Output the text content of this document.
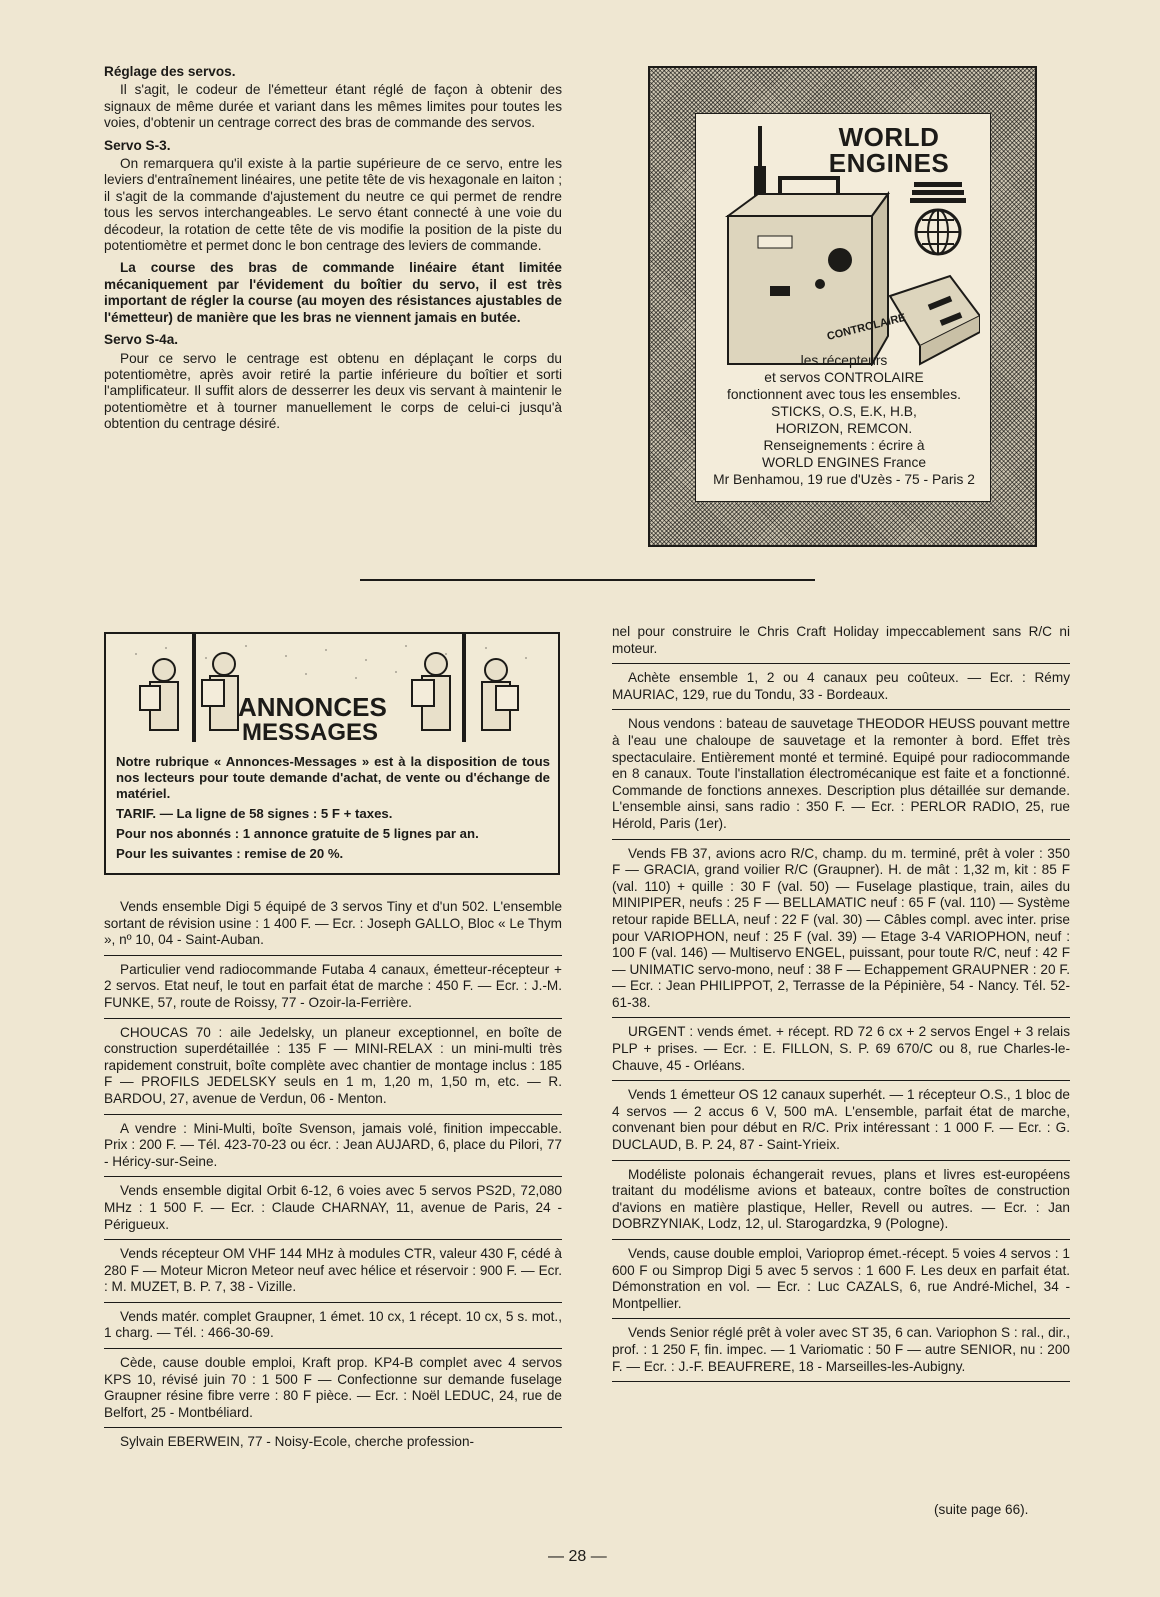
Réglage des servos.

Il s'agit, le codeur de l'émetteur étant réglé de façon à obtenir des signaux de même durée et variant dans les mêmes limites pour toutes les voies, d'obtenir un centrage correct des bras de commande des servos.

Servo S-3.

On remarquera qu'il existe à la partie supérieure de ce servo, entre les leviers d'entraînement linéaires, une petite tête de vis hexagonale en laiton ; il s'agit de la commande d'ajustement du neutre ce qui permet de rendre tous les servos interchangeables. Le servo étant connecté à une voie du décodeur, la rotation de cette tête de vis modifie la position de la piste du potentiomètre et permet donc le bon centrage des leviers de commande.

La course des bras de commande linéaire étant limitée mécaniquement par l'évidement du boîtier du servo, il est très important de régler la course (au moyen des résistances ajustables de l'émetteur) de manière que les bras ne viennent jamais en butée.

Servo S-4a.

Pour ce servo le centrage est obtenu en déplaçant le corps du potentiomètre, après avoir retiré la partie inférieure du boîtier et sorti l'amplificateur. Il suffit alors de desserrer les deux vis servant à maintenir le potentiomètre et à tourner manuellement le corps de celui-ci jusqu'à obtention du centrage désiré.

CONTROLAIRE
WORLD
ENGINES
les récepteurs
et servos CONTROLAIRE
fonctionnent avec tous les ensembles.
STICKS, O.S, E.K, H.B,
HORIZON, REMCON.
Renseignements : écrire à
WORLD ENGINES France
Mr Benhamou, 19 rue d'Uzès - 75 - Paris 2
ANNONCES
MESSAGES

Notre rubrique « Annonces-Messages » est à la disposition de tous nos lecteurs pour toute demande d'achat, de vente ou d'échange de matériel.

TARIF. — La ligne de 58 signes : 5 F + taxes.

Pour nos abonnés : 1 annonce gratuite de 5 lignes par an.

Pour les suivantes : remise de 20 %.

Vends ensemble Digi 5 équipé de 3 servos Tiny et d'un 502. L'ensemble sortant de révision usine : 1 400 F. — Ecr. : Joseph GALLO, Bloc « Le Thym », nº 10, 04 - Saint-Auban.
Particulier vend radiocommande Futaba 4 canaux, émetteur-récepteur + 2 servos. Etat neuf, le tout en parfait état de marche : 450 F. — Ecr. : J.-M. FUNKE, 57, route de Roissy, 77 - Ozoir-la-Ferrière.
CHOUCAS 70 : aile Jedelsky, un planeur exceptionnel, en boîte de construction superdétaillée : 135 F — MINI-RELAX : un mini-multi très rapidement construit, boîte complète avec chantier de montage inclus : 185 F — PROFILS JEDELSKY seuls en 1 m, 1,20 m, 1,50 m, etc. — R. BARDOU, 27, avenue de Verdun, 06 - Menton.
A vendre : Mini-Multi, boîte Svenson, jamais volé, finition impeccable. Prix : 200 F. — Tél. 423-70-23 ou écr. : Jean AUJARD, 6, place du Pilori, 77 - Héricy-sur-Seine.
Vends ensemble digital Orbit 6-12, 6 voies avec 5 servos PS2D, 72,080 MHz : 1 500 F. — Ecr. : Claude CHARNAY, 11, avenue de Paris, 24 - Périgueux.
Vends récepteur OM VHF 144 MHz à modules CTR, valeur 430 F, cédé à 280 F — Moteur Micron Meteor neuf avec hélice et réservoir : 900 F. — Ecr. : M. MUZET, B. P. 7, 38 - Vizille.
Vends matér. complet Graupner, 1 émet. 10 cx, 1 récept. 10 cx, 5 s. mot., 1 charg. — Tél. : 466-30-69.
Cède, cause double emploi, Kraft prop. KP4-B complet avec 4 servos KPS 10, révisé juin 70 : 1 500 F — Confectionne sur demande fuselage Graupner résine fibre verre : 80 F pièce. — Ecr. : Noël LEDUC, 24, rue de Belfort, 25 - Montbéliard.
Sylvain EBERWEIN, 77 - Noisy-Ecole, cherche profession-
nel pour construire le Chris Craft Holiday impeccablement sans R/C ni moteur.
Achète ensemble 1, 2 ou 4 canaux peu coûteux. — Ecr. : Rémy MAURIAC, 129, rue du Tondu, 33 - Bordeaux.
Nous vendons : bateau de sauvetage THEODOR HEUSS pouvant mettre à l'eau une chaloupe de sauvetage et la remonter à bord. Effet très spectaculaire. Entièrement monté et terminé. Equipé pour radiocommande en 8 canaux. Toute l'installation électromécanique est faite et a fonctionné. Commande de fonctions annexes. Description plus détaillée sur demande. L'ensemble ainsi, sans radio : 350 F. — Ecr. : PERLOR RADIO, 25, rue Hérold, Paris (1er).
Vends FB 37, avions acro R/C, champ. du m. terminé, prêt à voler : 350 F — GRACIA, grand voilier R/C (Graupner). H. de mât : 1,32 m, kit : 85 F (val. 110) + quille : 30 F (val. 50) — Fuselage plastique, train, ailes du MINIPIPER, neufs : 25 F — BELLAMATIC neuf : 65 F (val. 110) — Système retour rapide BELLA, neuf : 22 F (val. 30) — Câbles compl. avec inter. prise pour VARIOPHON, neuf : 25 F (val. 39) — Etage 3-4 VARIOPHON, neuf : 100 F (val. 146) — Multiservo ENGEL, puissant, pour toute R/C, neuf : 42 F — UNIMATIC servo-mono, neuf : 38 F — Echappement GRAUPNER : 20 F. — Ecr. : Jean PHILIPPOT, 2, Terrasse de la Pépinière, 54 - Nancy. Tél. 52-61-38.
URGENT : vends émet. + récept. RD 72 6 cx + 2 servos Engel + 3 relais PLP + prises. — Ecr. : E. FILLON, S. P. 69 670/C ou 8, rue Charles-le-Chauve, 45 - Orléans.
Vends 1 émetteur OS 12 canaux superhét. — 1 récepteur O.S., 1 bloc de 4 servos — 2 accus 6 V, 500 mA. L'ensemble, parfait état de marche, convenant bien pour début en R/C. Prix intéressant : 1 000 F. — Ecr. : G. DUCLAUD, B. P. 24, 87 - Saint-Yrieix.
Modéliste polonais échangerait revues, plans et livres est-européens traitant du modélisme avions et bateaux, contre boîtes de construction d'avions en matière plastique, Heller, Revell ou autres. — Ecr. : Jan DOBRZYNIAK, Lodz, 12, ul. Starogardzka, 9 (Pologne).
Vends, cause double emploi, Varioprop émet.-récept. 5 voies 4 servos : 1 600 F ou Simprop Digi 5 avec 5 servos : 1 600 F. Les deux en parfait état. Démonstration en vol. — Ecr. : Luc CAZALS, 6, rue André-Michel, 34 - Montpellier.
Vends Senior réglé prêt à voler avec ST 35, 6 can. Variophon S : ral., dir., prof. : 1 250 F, fin. impec. — 1 Variomatic : 50 F — autre SENIOR, nu : 200 F. — Ecr. : J.-F. BEAUFRERE, 18 - Marseilles-les-Aubigny.
(suite page 66).
— 28 —
